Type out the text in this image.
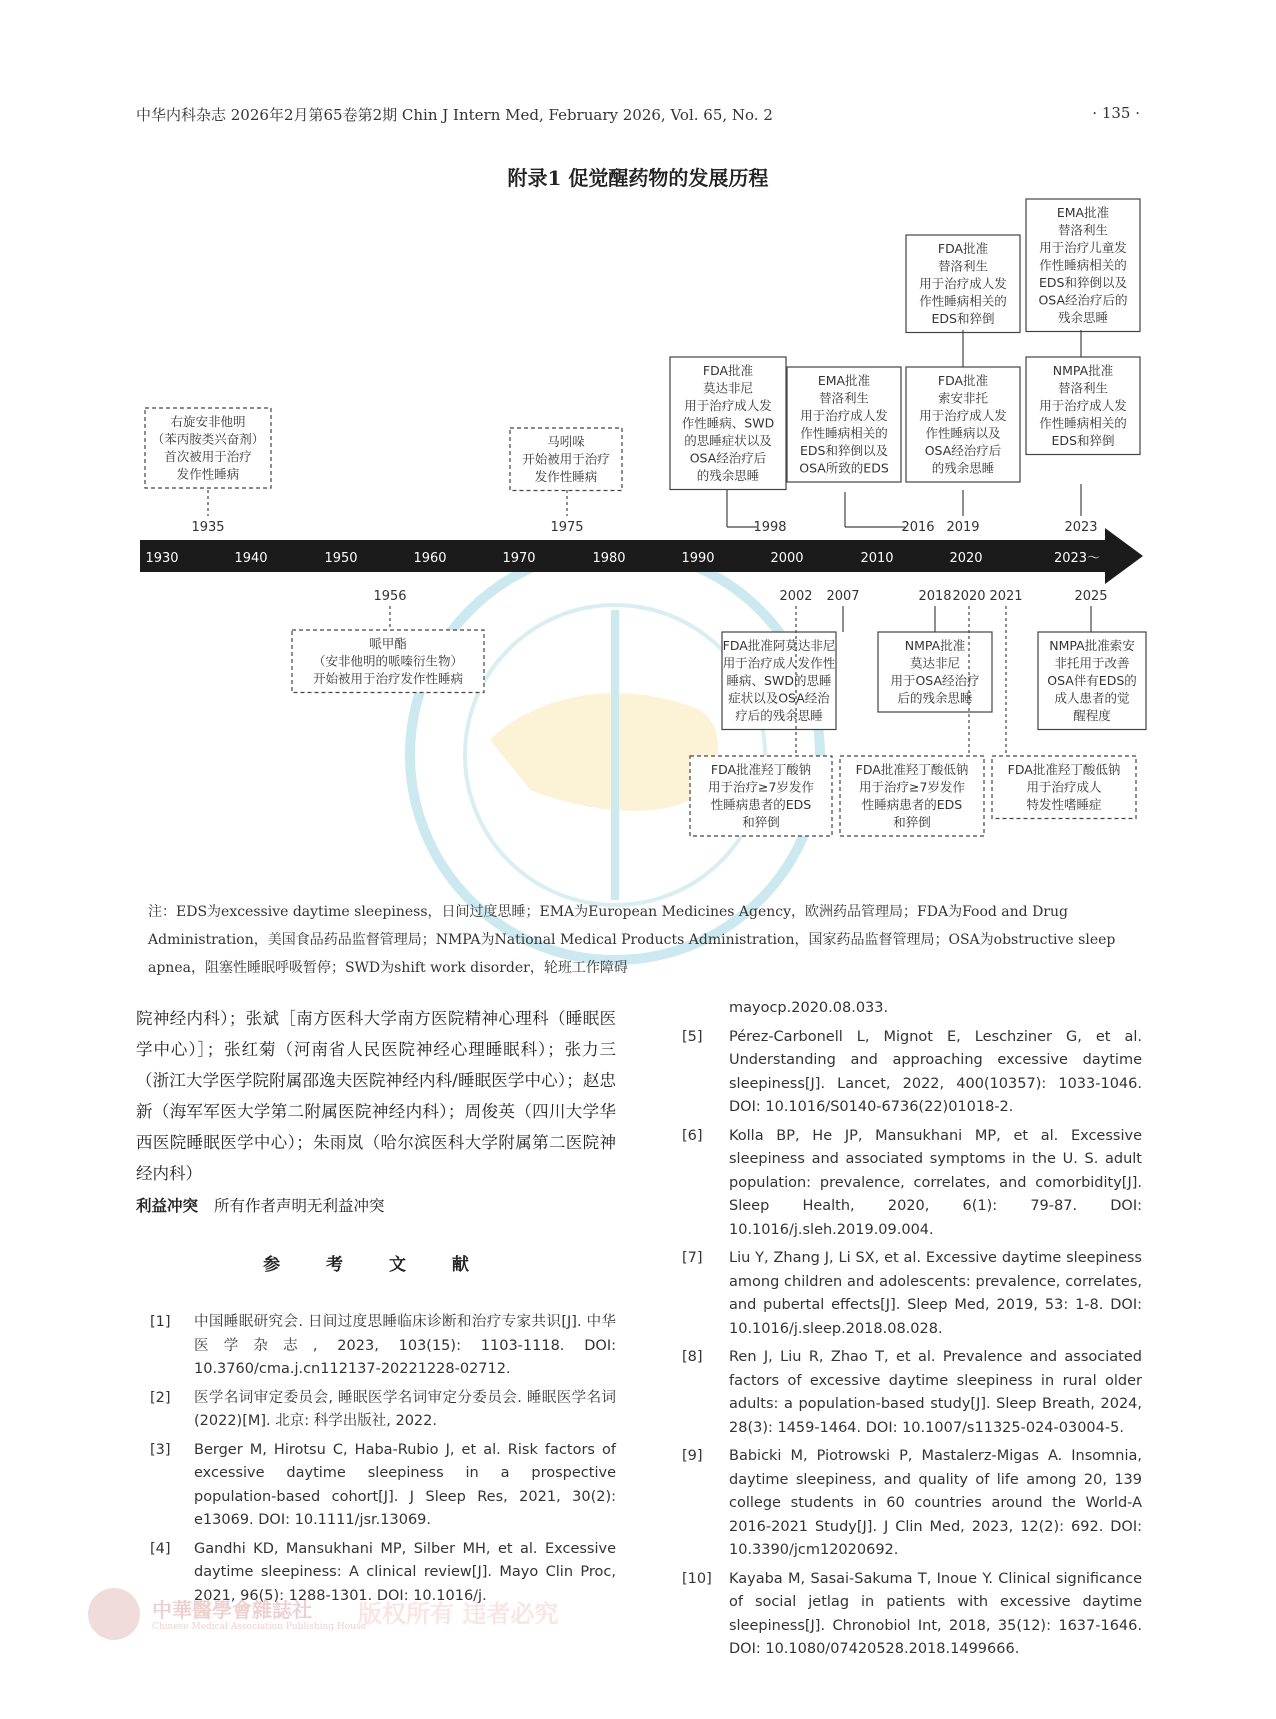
中华内科杂志 2026年2月第65卷第2期 Chin J Intern Med, February 2026, Vol. 65, No. 2	· 135 ·
附录1 促觉醒药物的发展历程
1930	1940	1950	1960	1970	1980	1990	2000	2010	2020	2023～
右旋安非他明
（苯丙胺类兴奋剂）
首次被用于治疗
发作性睡病
马吲哚
开始被用于治疗
发作性睡病
FDA批准
莫达非尼
用于治疗成人发
作性睡病、SWD
的思睡症状以及
OSA经治疗后
的残余思睡
EMA批准
替洛利生
用于治疗成人发
作性睡病相关的
EDS和猝倒以及
OSA所致的EDS
FDA批准
索安非托
用于治疗成人发
作性睡病以及
OSA经治疗后
的残余思睡
FDA批准
替洛利生
用于治疗成人发
作性睡病相关的
EDS和猝倒
NMPA批准
替洛利生
用于治疗成人发
作性睡病相关的
EDS和猝倒
EMA批准
替洛利生
用于治疗儿童发
作性睡病相关的
EDS和猝倒以及
OSA经治疗后的
残余思睡
哌甲酯
（安非他明的哌嗪衍生物）
开始被用于治疗发作性睡病
FDA批准阿莫达非尼
用于治疗成人发作性
睡病、SWD的思睡
症状以及OSA经治
疗后的残余思睡
NMPA批准
莫达非尼
用于OSA经治疗
后的残余思睡
NMPA批准索安
非托用于改善
OSA伴有EDS的
成人患者的觉
醒程度
FDA批准羟丁酸钠
用于治疗≥7岁发作
性睡病患者的EDS
和猝倒
FDA批准羟丁酸低钠
用于治疗≥7岁发作
性睡病患者的EDS
和猝倒
FDA批准羟丁酸低钠
用于治疗成人
特发性嗜睡症
1935	1975	1998	2016 2019	2023
1956	2002 2007	2018 2020 2021	2025
注：EDS为excessive daytime sleepiness，日间过度思睡；EMA为European Medicines Agency，欧洲药品管理局；FDA为Food and Drug Administration，美国食品药品监督管理局；NMPA为National Medical Products Administration，国家药品监督管理局；OSA为obstructive sleep apnea，阻塞性睡眠呼吸暂停；SWD为shift work disorder，轮班工作障碍

院神经内科）；张斌［南方医科大学南方医院精神心理科（睡眠医学中心）］；张红菊（河南省人民医院神经心理睡眠科）；张力三（浙江大学医学院附属邵逸夫医院神经内科/睡眠医学中心）；赵忠新（海军军医大学第二附属医院神经内科）；周俊英（四川大学华西医院睡眠医学中心）；朱雨岚（哈尔滨医科大学附属第二医院神经内科）

利益冲突 所有作者声明无利益冲突
参 考 文 献
[1] 中国睡眠研究会. 日间过度思睡临床诊断和治疗专家共识[J]. 中华医学杂志, 2023, 103(15): 1103-1118. DOI: 10.3760/cma.j.cn112137-20221228-02712.
[2] 医学名词审定委员会, 睡眠医学名词审定分委员会. 睡眠医学名词(2022)[M]. 北京: 科学出版社, 2022.
[3] Berger M, Hirotsu C, Haba-Rubio J, et al. Risk factors of excessive daytime sleepiness in a prospective population-based cohort[J]. J Sleep Res, 2021, 30(2): e13069. DOI: 10.1111/jsr.13069.
[4] Gandhi KD, Mansukhani MP, Silber MH, et al. Excessive daytime sleepiness: A clinical review[J]. Mayo Clin Proc, 2021, 96(5): 1288-1301. DOI: 10.1016/j.
mayocp.2020.08.033.
[5] Pérez-Carbonell L, Mignot E, Leschziner G, et al. Understanding and approaching excessive daytime sleepiness[J]. Lancet, 2022, 400(10357): 1033-1046. DOI: 10.1016/S0140-6736(22)01018-2.
[6] Kolla BP, He JP, Mansukhani MP, et al. Excessive sleepiness and associated symptoms in the U. S. adult population: prevalence, correlates, and comorbidity[J]. Sleep Health, 2020, 6(1): 79-87. DOI: 10.1016/j.sleh.2019.09.004.
[7] Liu Y, Zhang J, Li SX, et al. Excessive daytime sleepiness among children and adolescents: prevalence, correlates, and pubertal effects[J]. Sleep Med, 2019, 53: 1-8. DOI: 10.1016/j.sleep.2018.08.028.
[8] Ren J, Liu R, Zhao T, et al. Prevalence and associated factors of excessive daytime sleepiness in rural older adults: a population-based study[J]. Sleep Breath, 2024, 28(3): 1459-1464. DOI: 10.1007/s11325-024-03004-5.
[9] Babicki M, Piotrowski P, Mastalerz-Migas A. Insomnia, daytime sleepiness, and quality of life among 20, 139 college students in 60 countries around the World-A 2016-2021 Study[J]. J Clin Med, 2023, 12(2): 692. DOI: 10.3390/jcm12020692.
[10] Kayaba M, Sasai-Sakuma T, Inoue Y. Clinical significance of social jetlag in patients with excessive daytime sleepiness[J]. Chronobiol Int, 2018, 35(12): 1637-1646. DOI: 10.1080/07420528.2018.1499666.
中華醫學會雜誌社
Chinese Medical Association Publishing House
版权所有 违者必究
